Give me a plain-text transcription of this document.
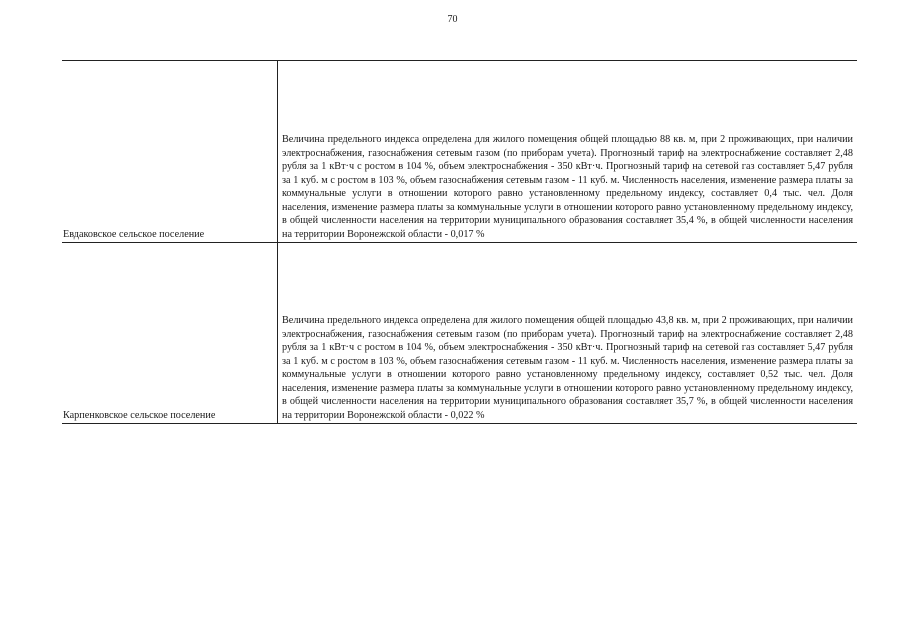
70
Евдаковское сельское поселение	Величина предельного индекса определена для жилого помещения общей площадью 88 кв. м, при 2 проживающих, при наличии электроснабжения, газоснабжения сетевым газом (по приборам учета). Прогнозный тариф на электроснабжение составляет 2,48 рубля за 1 кВт·ч с ростом в 104 %, объем электроснабжения - 350 кВт·ч. Прогнозный тариф на сетевой газ составляет 5,47 рубля за 1 куб. м с ростом в 103 %, объем газоснабжения сетевым газом - 11 куб. м. Численность населения, изменение размера платы за коммунальные услуги в отношении которого равно установленному предельному индексу, составляет 0,4 тыс. чел. Доля населения, изменение размера платы за коммунальные услуги в отношении которого равно установленному предельному индексу, в общей численности населения на территории муниципального образования составляет 35,4 %, в общей численности населения на территории Воронежской области - 0,017 %

Карпенковское сельское поселение	Величина предельного индекса определена для жилого помещения общей площадью 43,8 кв. м, при 2 проживающих, при наличии электроснабжения, газоснабжения сетевым газом (по приборам учета). Прогнозный тариф на электроснабжение составляет 2,48 рубля за 1 кВт·ч с ростом в 104 %, объем электроснабжения - 350 кВт·ч. Прогнозный тариф на сетевой газ составляет 5,47 рубля за 1 куб. м с ростом в 103 %, объем газоснабжения сетевым газом - 11 куб. м. Численность населения, изменение размера платы за коммунальные услуги в отношении которого равно установленному предельному индексу, составляет 0,52 тыс. чел. Доля населения, изменение размера платы за коммунальные услуги в отношении которого равно установленному предельному индексу, в общей численности населения на территории муниципального образования составляет 35,7 %, в общей численности населения на территории Воронежской области - 0,022 %
